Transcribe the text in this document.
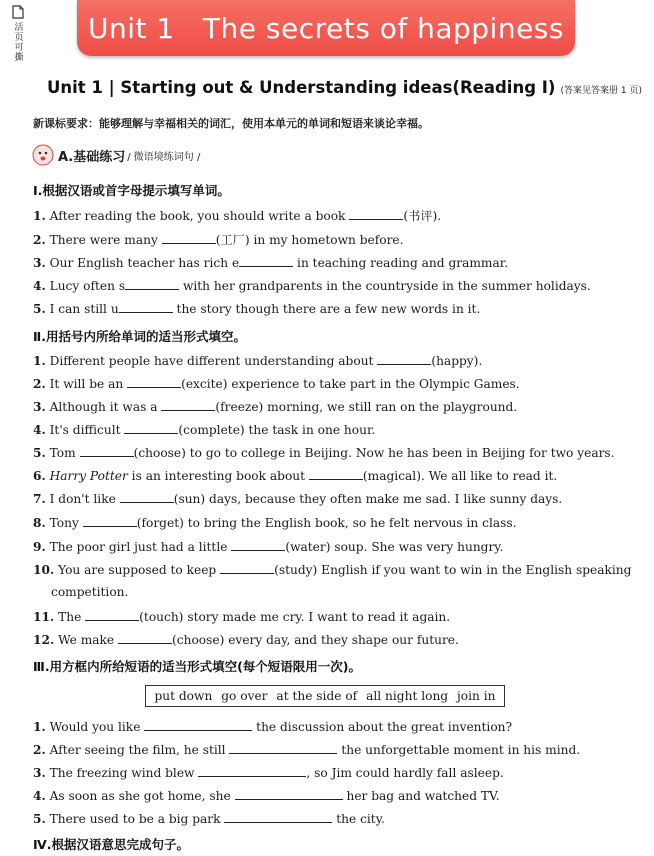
活页可撕 Unit 1   The secrets of happiness
Unit 1 | Starting out & Understanding ideas(Reading Ⅰ) (答案见答案册 1 页)
新课标要求：能够理解与幸福相关的词汇，使用本单元的单词和短语来谈论幸福。
A.基础练习 / 微语境练词句 /
Ⅰ.根据汉语或首字母提示填写单词。
1. After reading the book, you should write a book	(书评).
2. There were many	(工厂) in my hometown before.
3. Our English teacher has rich e	in teaching reading and grammar.
4. Lucy often s	with her grandparents in the countryside in the summer holidays.
5. I can still u	the story though there are a few new words in it.
Ⅱ.用括号内所给单词的适当形式填空。
1. Different people have different understanding about	(happy).
2. It will be an	(excite) experience to take part in the Olympic Games.
3. Although it was a	(freeze) morning, we still ran on the playground.
4. It's difficult	(complete) the task in one hour.
5. Tom	(choose) to go to college in Beijing. Now he has been in Beijing for two years.
6. Harry Potter is an interesting book about	(magical). We all like to read it.
7. I don't like	(sun) days, because they often make me sad. I like sunny days.
8. Tony	(forget) to bring the English book, so he felt nervous in class.
9. The poor girl just had a little	(water) soup. She was very hungry.
10. You are supposed to keep	(study) English if you want to win in the English speaking
competition.
11. The	(touch) story made me cry. I want to read it again.
12. We make	(choose) every day, and they shape our future.
Ⅲ.用方框内所给短语的适当形式填空(每个短语限用一次)。
put down go over at the side of all night long join in
1. Would you like	the discussion about the great invention?
2. After seeing the film, he still	the unforgettable moment in his mind.
3. The freezing wind blew	, so Jim could hardly fall asleep.
4. As soon as she got home, she	her bag and watched TV.
5. There used to be a big park	the city.
Ⅳ.根据汉语意思完成句子。
